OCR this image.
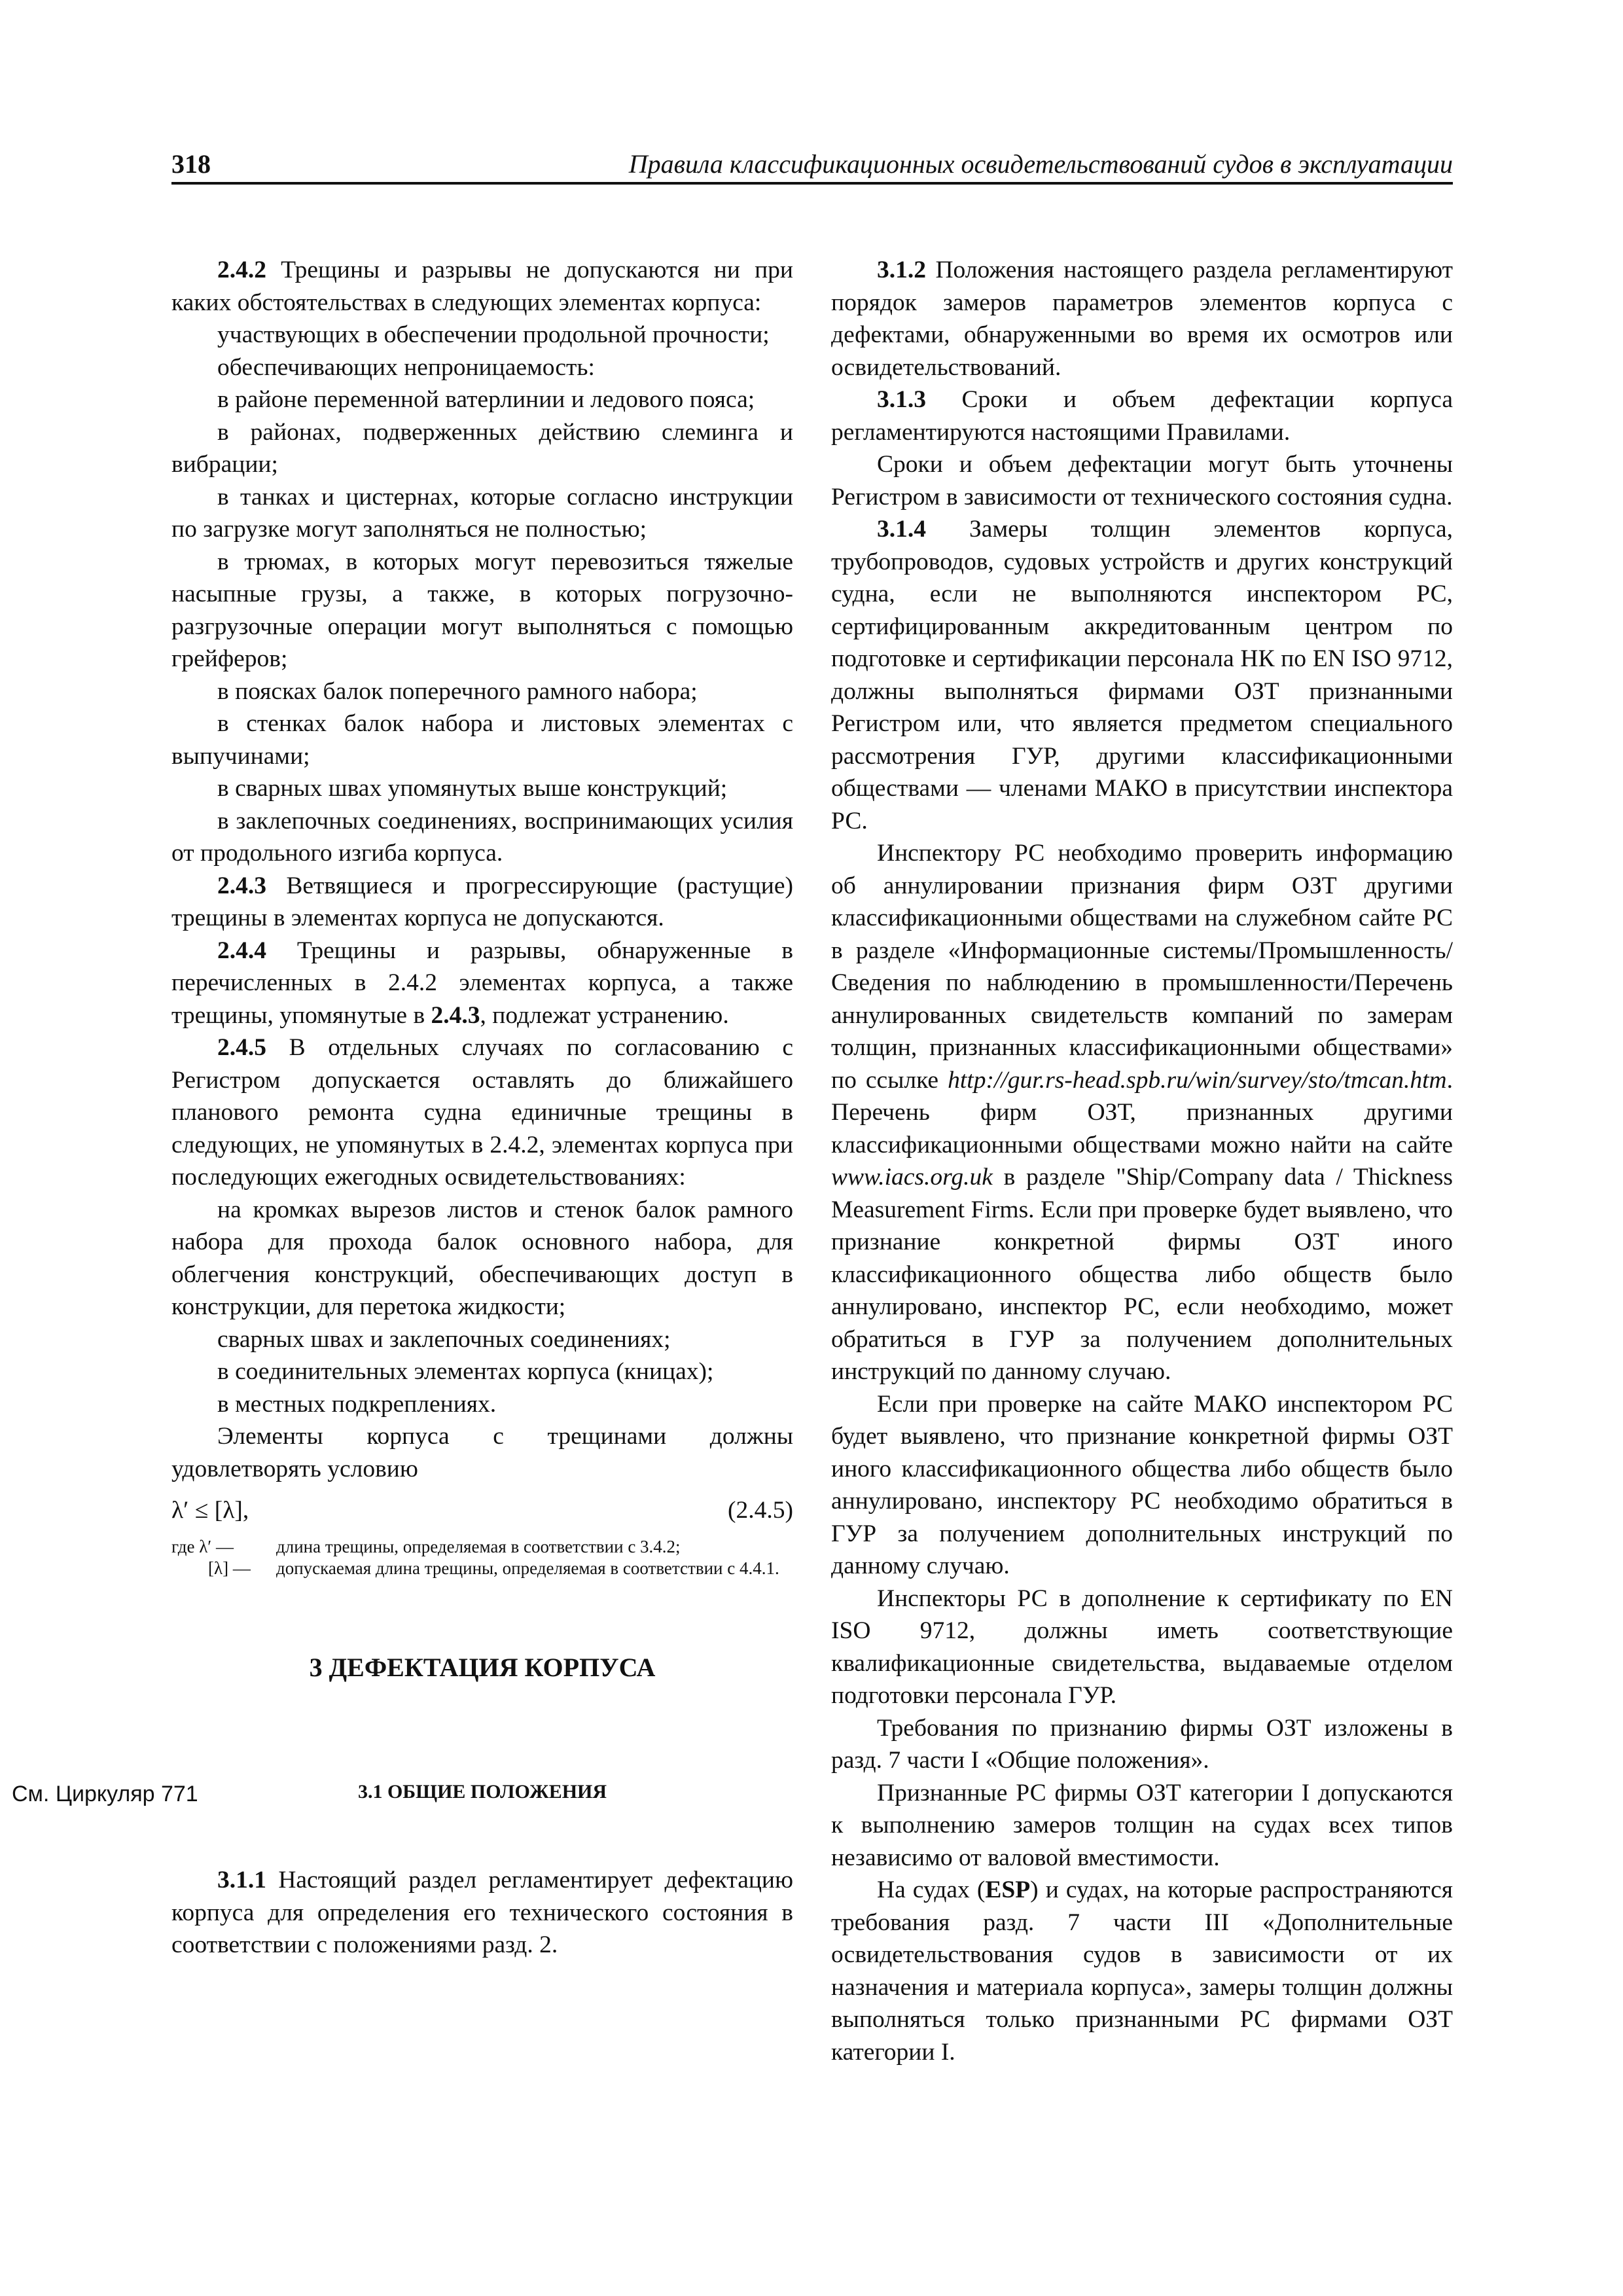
318	Правила классификационных освидетельствований судов в эксплуатации
См. Циркуляр 771

2.4.2 Трещины и разрывы не допускаются ни при каких обстоятельствах в следующих элементах корпуса:

участвующих в обеспечении продольной прочности;

обеспечивающих непроницаемость:

в районе переменной ватерлинии и ледового пояса;

в районах, подверженных действию слеминга и вибрации;

в танках и цистернах, которые согласно инструкции по загрузке могут заполняться не полностью;

в трюмах, в которых могут перевозиться тяжелые насыпные грузы, а также, в которых погрузочно-разгрузочные операции могут выполняться с помощью грейферов;

в поясках балок поперечного рамного набора;

в стенках балок набора и листовых элементах с выпучинами;

в сварных швах упомянутых выше конструкций;

в заклепочных соединениях, воспринимающих усилия от продольного изгиба корпуса.

2.4.3 Ветвящиеся и прогрессирующие (растущие) трещины в элементах корпуса не допускаются.

2.4.4 Трещины и разрывы, обнаруженные в перечисленных в 2.4.2 элементах корпуса, а также трещины, упомянутые в 2.4.3, подлежат устранению.

2.4.5 В отдельных случаях по согласованию с Регистром допускается оставлять до ближайшего планового ремонта судна единичные трещины в следующих, не упомянутых в 2.4.2, элементах корпуса при последующих ежегодных освидетельствованиях:

на кромках вырезов листов и стенок балок рамного набора для прохода балок основного набора, для облегчения конструкций, обеспечивающих доступ в конструкции, для перетока жидкости;

сварных швах и заклепочных соединениях;

в соединительных элементах корпуса (кницах);

в местных подкреплениях.

Элементы корпуса с трещинами должны удовлетворять условию

λ′ ≤ [λ],	(2.4.5)
где λ′ — длина трещины, определяемая в соответствии с 3.4.2;
[λ] — допускаемая длина трещины, определяемая в соответствии с 4.4.1.
3 ДЕФЕКТАЦИЯ КОРПУСА
3.1 ОБЩИЕ ПОЛОЖЕНИЯ

3.1.1 Настоящий раздел регламентирует дефектацию корпуса для определения его технического состояния в соответствии с положениями разд. 2.

3.1.2 Положения настоящего раздела регламентируют порядок замеров параметров элементов корпуса с дефектами, обнаруженными во время их осмотров или освидетельствований.

3.1.3 Сроки и объем дефектации корпуса регламентируются настоящими Правилами.

Сроки и объем дефектации могут быть уточнены Регистром в зависимости от технического состояния судна.

3.1.4 Замеры толщин элементов корпуса, трубопроводов, судовых устройств и других конструкций судна, если не выполняются инспектором РС, сертифицированным аккредитованным центром по подготовке и сертификации персонала НК по EN ISO 9712, должны выполняться фирмами ОЗТ признанными Регистром или, что является предметом специального рассмотрения ГУР, другими классификационными обществами — членами МАКО в присутствии инспектора РС.

Инспектору РС необходимо проверить информацию об аннулировании признания фирм ОЗТ другими классификационными обществами на служебном сайте РС в разделе «Информационные системы/Промышленность/Сведения по наблюдению в промышленности/Перечень аннулированных свидетельств компаний по замерам толщин, признанных классификационными обществами» по ссылке http://gur.rs-head.spb.ru/win/survey/sto/tmcan.htm. Перечень фирм ОЗТ, признанных другими классификационными обществами можно найти на сайте www.iacs.org.uk в разделе "Ship/Company data / Thickness Measurement Firms. Если при проверке будет выявлено, что признание конкретной фирмы ОЗТ иного классификационного общества либо обществ было аннулировано, инспектор РС, если необходимо, может обратиться в ГУР за получением дополнительных инструкций по данному случаю.

Если при проверке на сайте МАКО инспектором РС будет выявлено, что признание конкретной фирмы ОЗТ иного классификационного общества либо обществ было аннулировано, инспектору РС необходимо обратиться в ГУР за получением дополнительных инструкций по данному случаю.

Инспекторы РС в дополнение к сертификату по EN ISO 9712, должны иметь соответствующие квалификационные свидетельства, выдаваемые отделом подготовки персонала ГУР.

Требования по признанию фирмы ОЗТ изложены в разд. 7 части I «Общие положения».

Признанные РС фирмы ОЗТ категории I допускаются к выполнению замеров толщин на судах всех типов независимо от валовой вместимости.

На судах (ESP) и судах, на которые распространяются требования разд. 7 части III «Дополнительные освидетельствования судов в зависимости от их назначения и материала корпуса», замеры толщин должны выполняться только признанными РС фирмами ОЗТ категории I.
